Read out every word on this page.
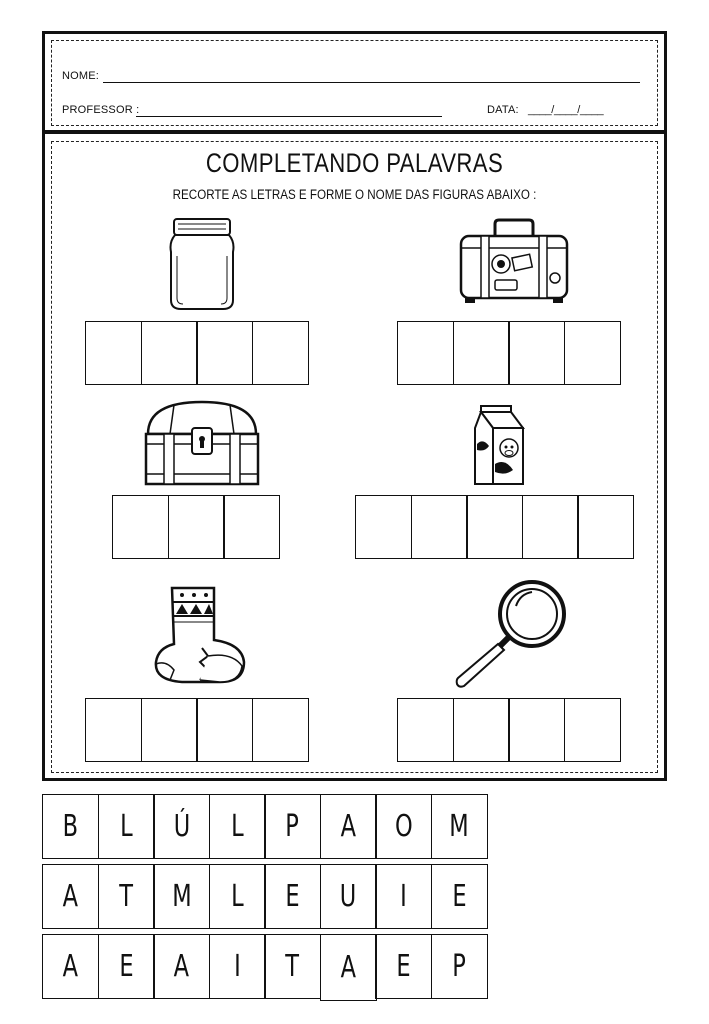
NOME:
PROFESSOR :	DATA: ____/____/____
COMPLETANDO PALAVRAS
RECORTE AS LETRAS E FORME O NOME DAS FIGURAS ABAIXO :
B L Ú L P A O M
A T M L E U I E
A E A I T A E P
